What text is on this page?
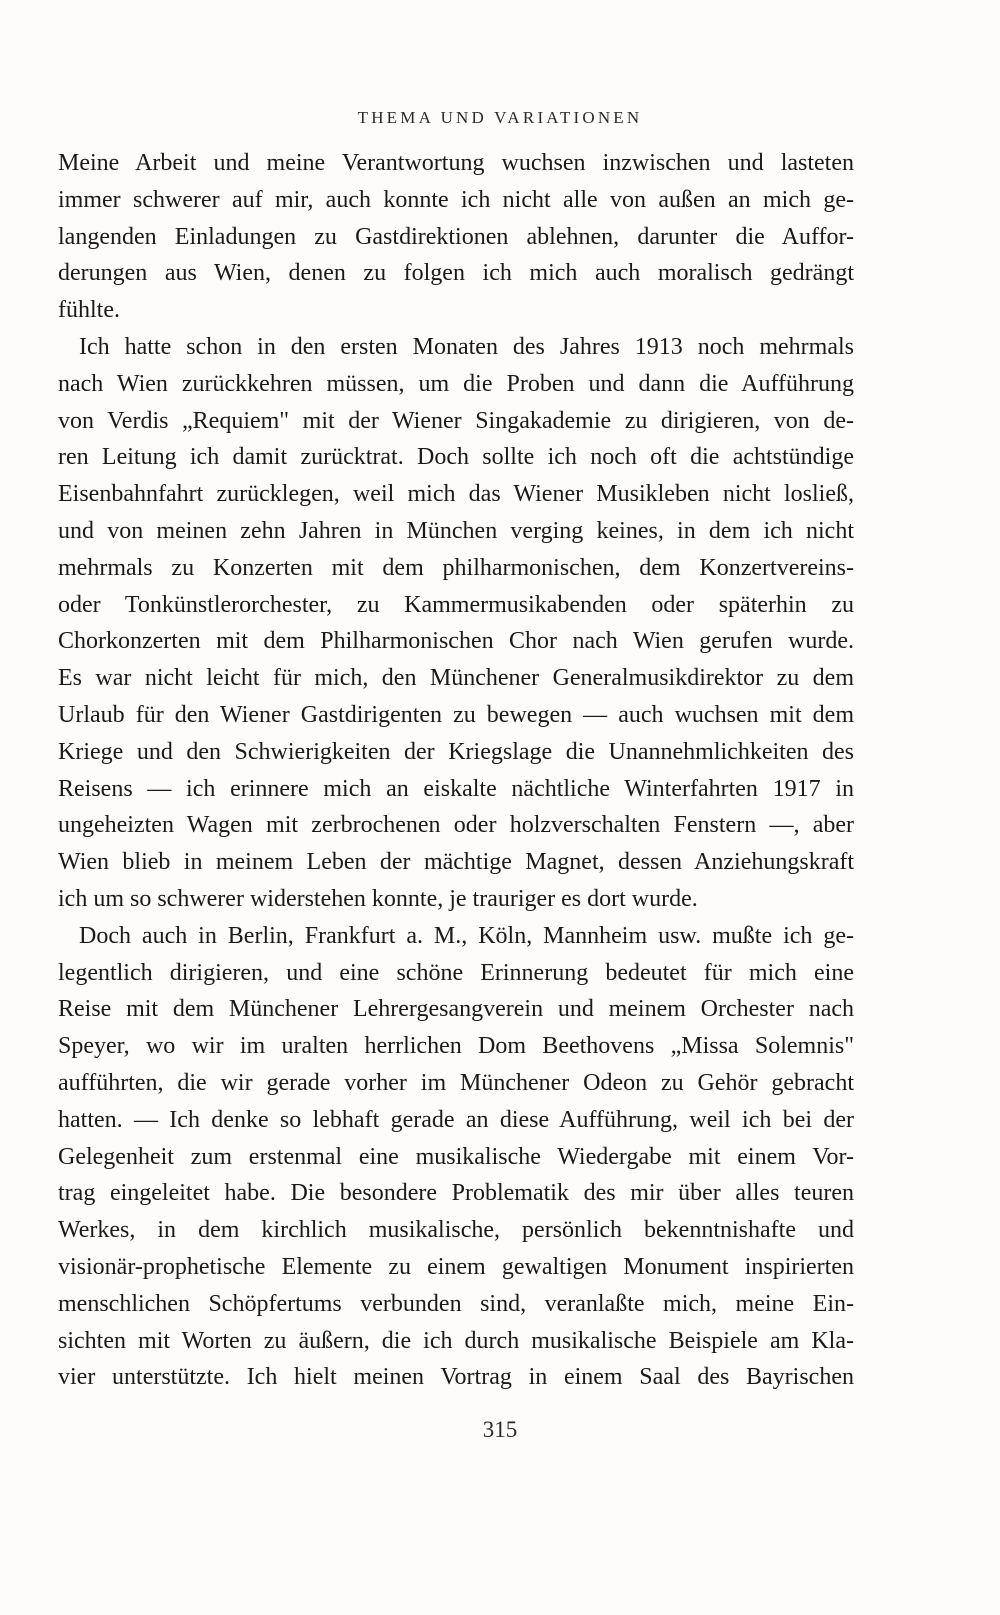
THEMA UND VARIATIONEN
Meine Arbeit und meine Verantwortung wuchsen inzwischen und lasteten
immer schwerer auf mir, auch konnte ich nicht alle von außen an mich ge-
langenden Einladungen zu Gastdirektionen ablehnen, darunter die Auffor-
derungen aus Wien, denen zu folgen ich mich auch moralisch gedrängt
fühlte.
Ich hatte schon in den ersten Monaten des Jahres 1913 noch mehrmals
nach Wien zurückkehren müssen, um die Proben und dann die Aufführung
von Verdis „Requiem" mit der Wiener Singakademie zu dirigieren, von de-
ren Leitung ich damit zurücktrat. Doch sollte ich noch oft die achtstündige
Eisenbahnfahrt zurücklegen, weil mich das Wiener Musikleben nicht losließ,
und von meinen zehn Jahren in München verging keines, in dem ich nicht
mehrmals zu Konzerten mit dem philharmonischen, dem Konzertvereins-
oder Tonkünstlerorchester, zu Kammermusikabenden oder späterhin zu
Chorkonzerten mit dem Philharmonischen Chor nach Wien gerufen wurde.
Es war nicht leicht für mich, den Münchener Generalmusikdirektor zu dem
Urlaub für den Wiener Gastdirigenten zu bewegen — auch wuchsen mit dem
Kriege und den Schwierigkeiten der Kriegslage die Unannehmlichkeiten des
Reisens — ich erinnere mich an eiskalte nächtliche Winterfahrten 1917 in
ungeheizten Wagen mit zerbrochenen oder holzverschalten Fenstern —, aber
Wien blieb in meinem Leben der mächtige Magnet, dessen Anziehungskraft
ich um so schwerer widerstehen konnte, je trauriger es dort wurde.
Doch auch in Berlin, Frankfurt a. M., Köln, Mannheim usw. mußte ich ge-
legentlich dirigieren, und eine schöne Erinnerung bedeutet für mich eine
Reise mit dem Münchener Lehrergesangverein und meinem Orchester nach
Speyer, wo wir im uralten herrlichen Dom Beethovens „Missa Solemnis"
aufführten, die wir gerade vorher im Münchener Odeon zu Gehör gebracht
hatten. — Ich denke so lebhaft gerade an diese Aufführung, weil ich bei der
Gelegenheit zum erstenmal eine musikalische Wiedergabe mit einem Vor-
trag eingeleitet habe. Die besondere Problematik des mir über alles teuren
Werkes, in dem kirchlich musikalische, persönlich bekenntnishafte und
visionär-prophetische Elemente zu einem gewaltigen Monument inspirierten
menschlichen Schöpfertums verbunden sind, veranlaßte mich, meine Ein-
sichten mit Worten zu äußern, die ich durch musikalische Beispiele am Kla-
vier unterstützte. Ich hielt meinen Vortrag in einem Saal des Bayrischen
315
